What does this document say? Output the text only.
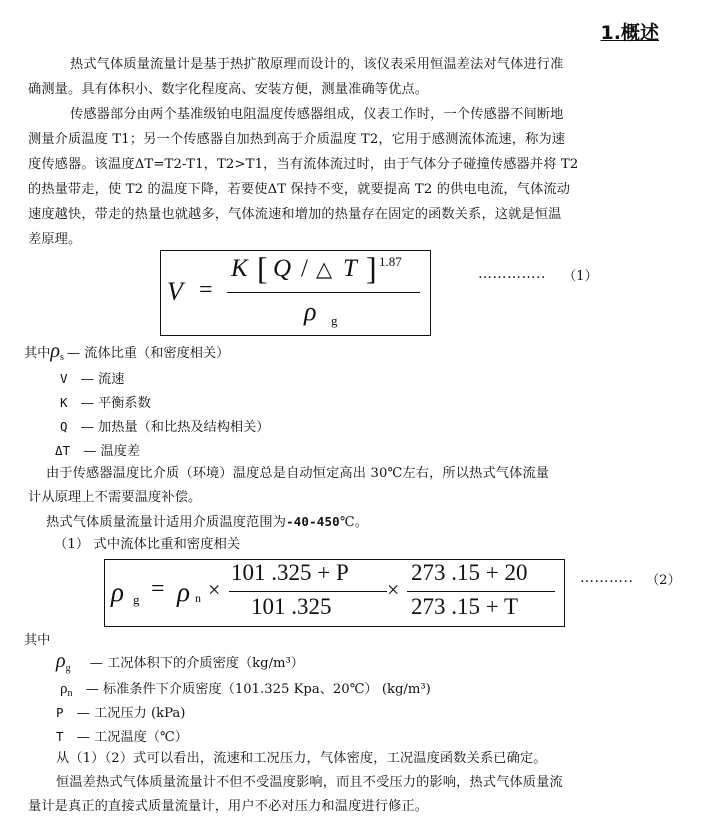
1.概述
热式气体质量流量计是基于热扩散原理而设计的，该仪表采用恒温差法对气体进行准
确测量。具有体积小、数字化程度高、安装方便，测量准确等优点。
传感器部分由两个基准级铂电阻温度传感器组成，仪表工作时，一个传感器不间断地
测量介质温度 T1；另一个传感器自加热到高于介质温度 T2，它用于感测流体流速，称为速
度传感器。该温度ΔT=T2-T1，T2>T1，当有流体流过时，由于气体分子碰撞传感器并将 T2
的热量带走，使 T2 的温度下降，若要使ΔT 保持不变，就要提高 T2 的供电电流，气体流动
速度越快，带走的热量也就越多，气体流速和增加的热量存在固定的函数关系，这就是恒温
差原理。
V =
K [ Q / △ T ] 1.87
ρ g
………….. （1）
其中ρs — 流体比重（和密度相关）
V — 流速
K — 平衡系数
Q — 加热量（和比热及结构相关）
ΔT — 温度差
由于传感器温度比介质（环境）温度总是自动恒定高出 30℃左右，所以热式气体流量
计从原理上不需要温度补偿。
热式气体质量流量计适用介质温度范围为-40-450℃。
（1） 式中流体比重和密度相关
ρ g = ρ n ×
101 .325 + P
101 .325
×
273 .15 + 20
273 .15 + T
……….. （2）
其中
$\rho_g$ — 工况体积下的介质密度（kg/m³）
ρn — 标准条件下介质密度（101.325 Kpa、20℃） (kg/m³)
P — 工况压力 (kPa)
T — 工况温度（℃）
从（1）（2）式可以看出，流速和工况压力，气体密度，工况温度函数关系已确定。
恒温差热式气体质量流量计不但不受温度影响，而且不受压力的影响，热式气体质量流
量计是真正的直接式质量流量计，用户不必对压力和温度进行修正。
